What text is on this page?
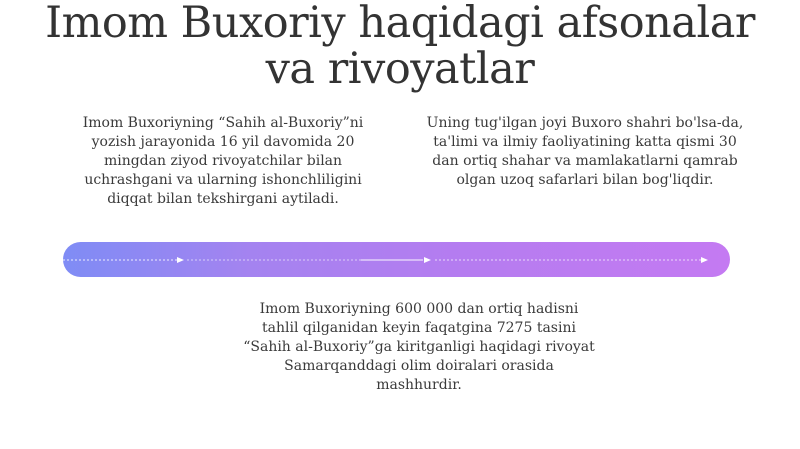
Imom Buxoriy haqidagi afsonalar
va rivoyatlar

Imom Buxoriyning “Sahih al-Buxoriy”ni
yozish jarayonida 16 yil davomida 20
mingdan ziyod rivoyatchilar bilan
uchrashgani va ularning ishonchliligini
diqqat bilan tekshirgani aytiladi.

Uning tug'ilgan joyi Buxoro shahri bo'lsa-da,
ta'limi va ilmiy faoliyatining katta qismi 30
dan ortiq shahar va mamlakatlarni qamrab
olgan uzoq safarlari bilan bog'liqdir.

Imom Buxoriyning 600 000 dan ortiq hadisni
tahlil qilganidan keyin faqatgina 7275 tasini
“Sahih al-Buxoriy”ga kiritganligi haqidagi rivoyat
Samarqanddagi olim doiralari orasida
mashhurdir.
